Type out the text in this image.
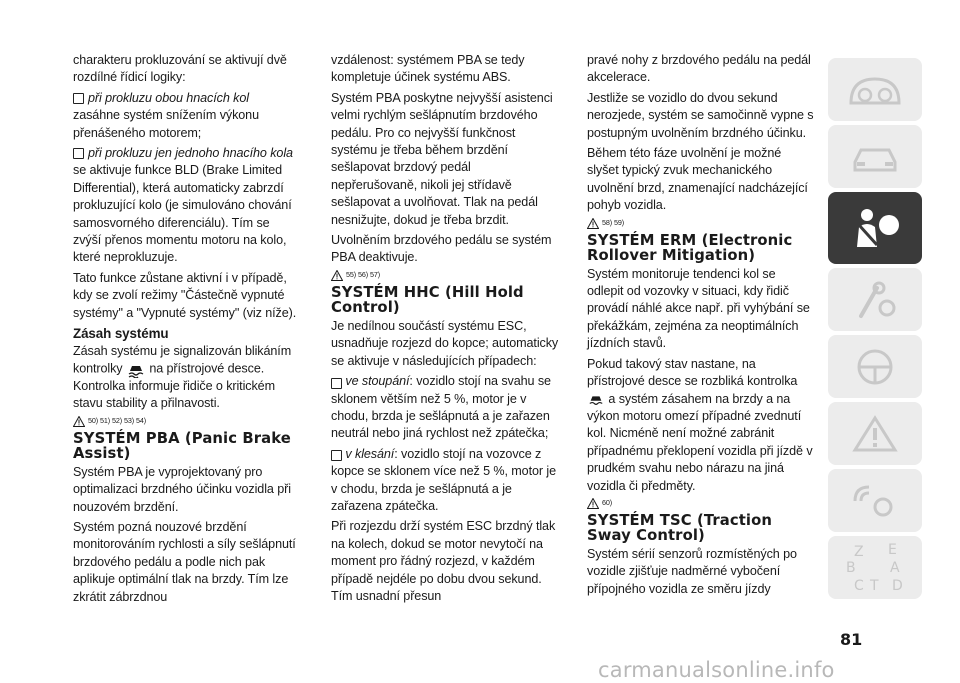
charakteru prokluzování se aktivují dvě rozdílné řídicí logiky:

při prokluzu obou hnacích kol

zasáhne systém snížením výkonu přenášeného motorem;

při prokluzu jen jednoho hnacího kola

se aktivuje funkce BLD (Brake Limited Differential), která automaticky zabrzdí prokluzující kolo (je simulováno chování samosvorného diferenciálu). Tím se zvýší přenos momentu motoru na kolo, které neprokluzuje.

Tato funkce zůstane aktivní i v případě, kdy se zvolí režimy "Částečně vypnuté systémy" a "Vypnuté systémy" (viz níže).

Zásah systému

Zásah systému je signalizován blikáním kontrolky na přístrojové desce. Kontrolka informuje řidiče o kritickém stavu stability a přilnavosti.

50) 51) 52) 53) 54)
SYSTÉM PBA (Panic Brake Assist)

Systém PBA je vyprojektovaný pro optimalizaci brzdného účinku vozidla při nouzovém brzdění.

Systém pozná nouzové brzdění monitorováním rychlosti a síly sešlápnutí brzdového pedálu a podle nich pak aplikuje optimální tlak na brzdy. Tím lze zkrátit zábrzdnou

vzdálenost: systémem PBA se tedy kompletuje účinek systému ABS.

Systém PBA poskytne nejvyšší asistenci velmi rychlým sešlápnutím brzdového pedálu. Pro co nejvyšší funkčnost systému je třeba během brzdění sešlapovat brzdový pedál nepřerušovaně, nikoli jej střídavě sešlapovat a uvolňovat. Tlak na pedál nesnižujte, dokud je třeba brzdit.

Uvolněním brzdového pedálu se systém PBA deaktivuje.

55) 56) 57)
SYSTÉM HHC (Hill Hold Control)

Je nedílnou součástí systému ESC, usnadňuje rozjezd do kopce; automaticky se aktivuje v následujících případech:

ve stoupání: vozidlo stojí na svahu se sklonem větším než 5 %, motor je v chodu, brzda je sešlápnutá a je zařazen neutrál nebo jiná rychlost než zpátečka;

v klesání: vozidlo stojí na vozovce z kopce se sklonem více než 5 %, motor je v chodu, brzda je sešlápnutá a je zařazena zpátečka.

Při rozjezdu drží systém ESC brzdný tlak na kolech, dokud se motor nevytočí na moment pro řádný rozjezd, v každém případě nejdéle po dobu dvou sekund. Tím usnadní přesun

pravé nohy z brzdového pedálu na pedál akcelerace.

Jestliže se vozidlo do dvou sekund nerozjede, systém se samočinně vypne s postupným uvolněním brzdného účinku.

Během této fáze uvolnění je možné slyšet typický zvuk mechanického uvolnění brzd, znamenající nadcházející pohyb vozidla.

58) 59)
SYSTÉM ERM (Electronic Rollover Mitigation)

Systém monitoruje tendenci kol se odlepit od vozovky v situaci, kdy řidič provádí náhlé akce např. při vyhýbání se překážkám, zejména za neoptimálních jízdních stavů.

Pokud takový stav nastane, na přístrojové desce se rozbliká kontrolka  a systém zásahem na brzdy a na výkon motoru omezí případné zvednutí kol. Nicméně není možné zabránit případnému překlopení vozidla při jízdě v prudkém svahu nebo nárazu na jiná vozidla či předměty.

60)
SYSTÉM TSC (Traction Sway Control)

Systém sérií senzorů rozmístěných po vozidle zjišťuje nadměrné vybočení přípojného vozidla ze směru jízdy

Z E
B
C T
A
D
81
carmanualsonline.info
